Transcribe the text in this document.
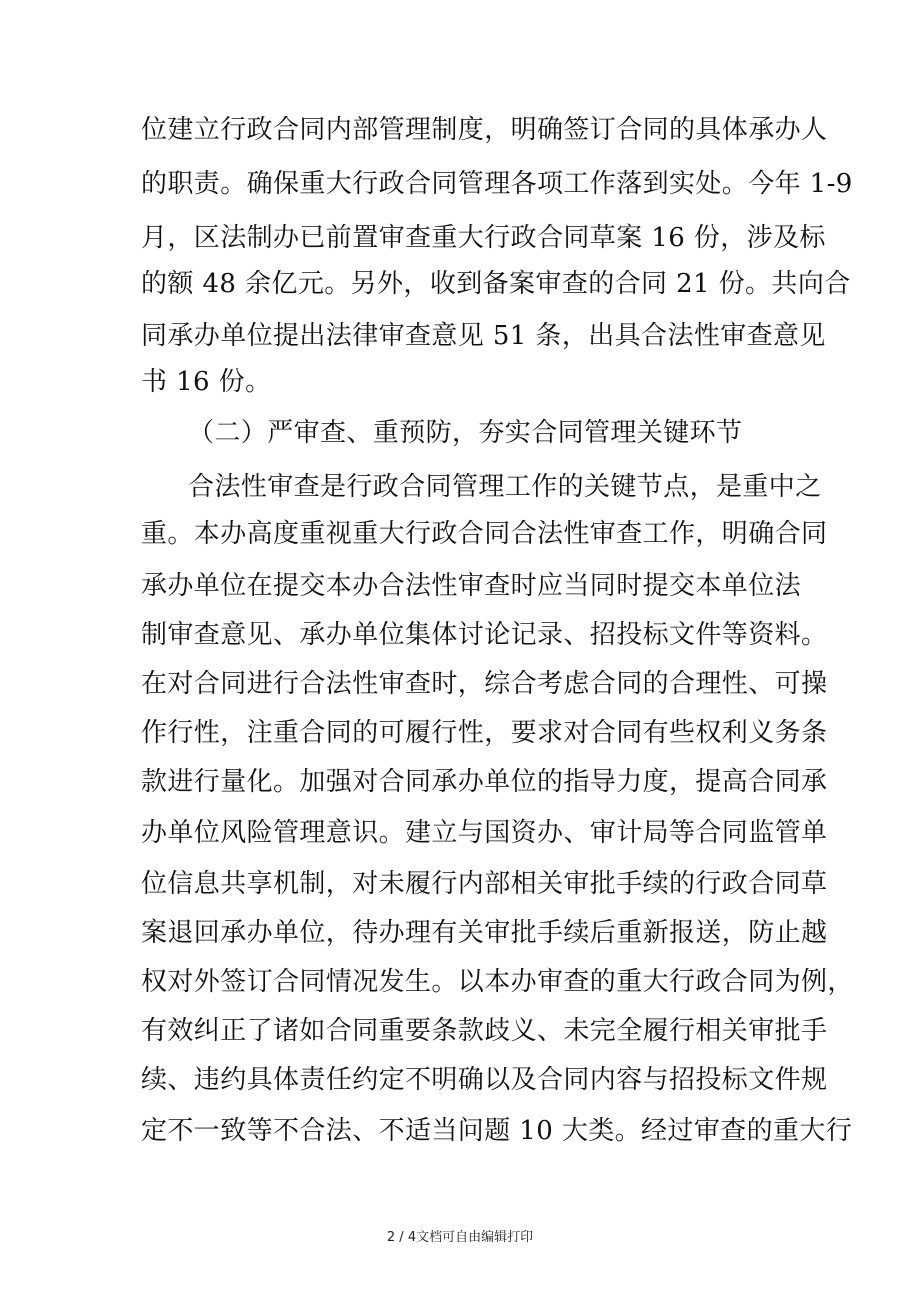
位建立行政合同内部管理制度，明确签订合同的具体承办人
的职责。确保重大行政合同管理各项工作落到实处。今年 1-9
月，区法制办已前置审查重大行政合同草案 16 份，涉及标
的额 48 余亿元。另外，收到备案审查的合同 21 份。共向合
同承办单位提出法律审查意见 51 条，出具合法性审查意见
书 16 份。
（二）严审查、重预防，夯实合同管理关键环节
合法性审查是行政合同管理工作的关键节点，是重中之
重。本办高度重视重大行政合同合法性审查工作，明确合同
承办单位在提交本办合法性审查时应当同时提交本单位法
制审查意见、承办单位集体讨论记录、招投标文件等资料。
在对合同进行合法性审查时，综合考虑合同的合理性、可操
作行性，注重合同的可履行性，要求对合同有些权利义务条
款进行量化。加强对合同承办单位的指导力度，提高合同承
办单位风险管理意识。建立与国资办、审计局等合同监管单
位信息共享机制，对未履行内部相关审批手续的行政合同草
案退回承办单位，待办理有关审批手续后重新报送，防止越
权对外签订合同情况发生。以本办审查的重大行政合同为例，
有效纠正了诸如合同重要条款歧义、未完全履行相关审批手
续、违约具体责任约定不明确以及合同内容与招投标文件规
定不一致等不合法、不适当问题 10 大类。经过审查的重大行
2 / 4文档可自由编辑打印
